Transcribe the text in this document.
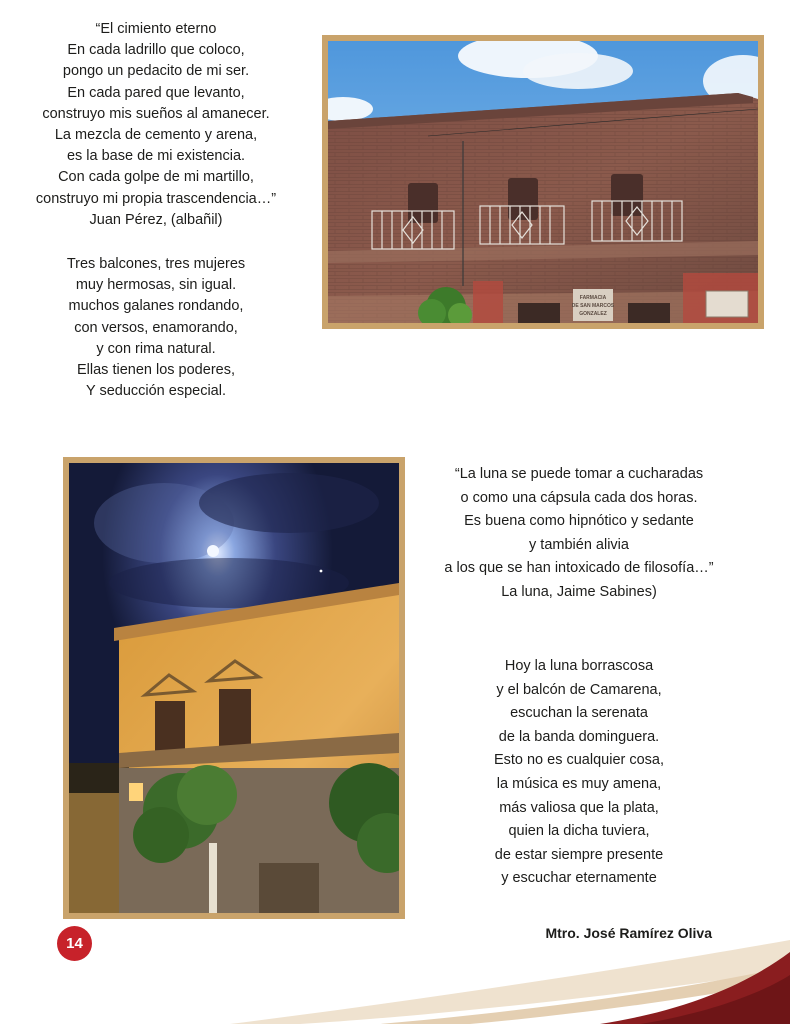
“El cimiento eterno

En cada ladrillo que coloco,

pongo un pedacito de mi ser.

En cada pared que levanto,

construyo mis sueños al amanecer.

La mezcla de cemento y arena,

es la base de mi existencia.

Con cada golpe de mi martillo,

construyo mi propia trascendencia…”

Juan Pérez, (albañil)

Tres balcones, tres mujeres

muy hermosas, sin igual.

muchos galanes rondando,

con versos, enamorando,

y con rima natural.

Ellas tienen los poderes,

Y seducción especial.

FARMACIA
DE SAN MARCOS
GONZALEZ

“La luna se puede tomar a cucharadas

o como una cápsula cada dos horas.

Es buena como hipnótico y sedante

y también alivia

a los que se han intoxicado de filosofía…”

La luna, Jaime Sabines)

Hoy la luna borrascosa

y el balcón de Camarena,

escuchan la serenata

de la banda dominguera.

Esto no es cualquier cosa,

la música es muy amena,

más valiosa que la plata,

quien la dicha tuviera,

de estar siempre presente

y escuchar eternamente

Mtro. José Ramírez Oliva
14
